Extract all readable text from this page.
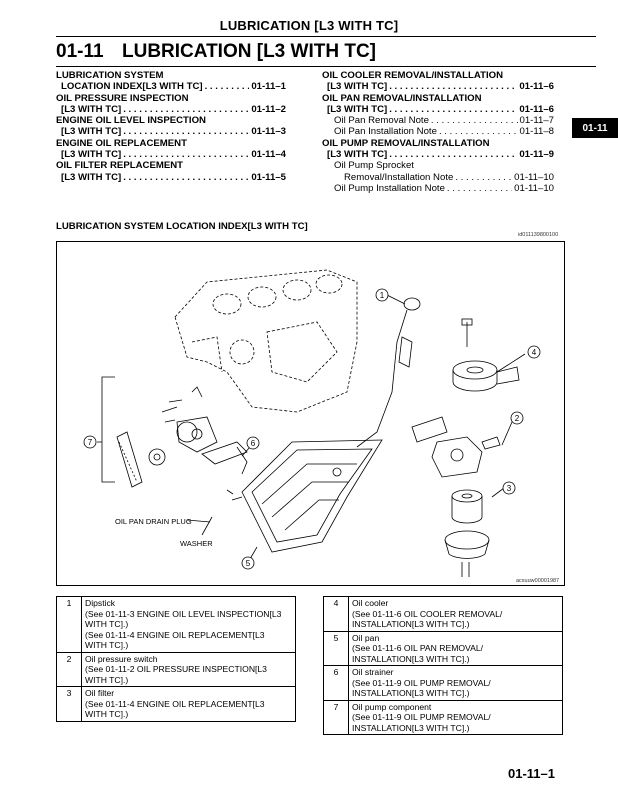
LUBRICATION [L3 WITH TC]
01-11 LUBRICATION [L3 WITH TC]
LUBRICATION SYSTEM
LOCATION INDEX[L3 WITH TC] . . .	01-11–1
OIL PRESSURE INSPECTION
[L3 WITH TC] . . .	01-11–2
ENGINE OIL LEVEL INSPECTION
[L3 WITH TC] . . .	01-11–3
ENGINE OIL REPLACEMENT
[L3 WITH TC] . . .	01-11–4
OIL FILTER REPLACEMENT
[L3 WITH TC] . . .	01-11–5
OIL COOLER REMOVAL/INSTALLATION
[L3 WITH TC] . . .	01-11–6
OIL PAN REMOVAL/INSTALLATION
[L3 WITH TC] . . .	01-11–6
Oil Pan Removal Note . . .	01-11–7
Oil Pan Installation Note . . .	01-11–8
OIL PUMP REMOVAL/INSTALLATION
[L3 WITH TC] . . .	01-11–9
Oil Pump Sprocket
Removal/Installation Note . . .	01-11–10
Oil Pump Installation Note . . .	01-11–10
01-11
LUBRICATION SYSTEM LOCATION INDEX[L3 WITH TC]
id011139800100
1
2
3
4
5
6
7
OIL PAN DRAIN PLUG
WASHER
acxuuw00001987
1	Dipstick
(See 01-11-3 ENGINE OIL LEVEL INSPECTION[L3
WITH TC].)
(See 01-11-4 ENGINE OIL REPLACEMENT[L3
WITH TC].)

2	Oil pressure switch
(See 01-11-2 OIL PRESSURE INSPECTION[L3
WITH TC].)

3	Oil filter
(See 01-11-4 ENGINE OIL REPLACEMENT[L3
WITH TC].)
4	Oil cooler
(See 01-11-6 OIL COOLER REMOVAL/
INSTALLATION[L3 WITH TC].)

5	Oil pan
(See 01-11-6 OIL PAN REMOVAL/
INSTALLATION[L3 WITH TC].)

6	Oil strainer
(See 01-11-9 OIL PUMP REMOVAL/
INSTALLATION[L3 WITH TC].)

7	Oil pump component
(See 01-11-9 OIL PUMP REMOVAL/
INSTALLATION[L3 WITH TC].)
01-11–1
